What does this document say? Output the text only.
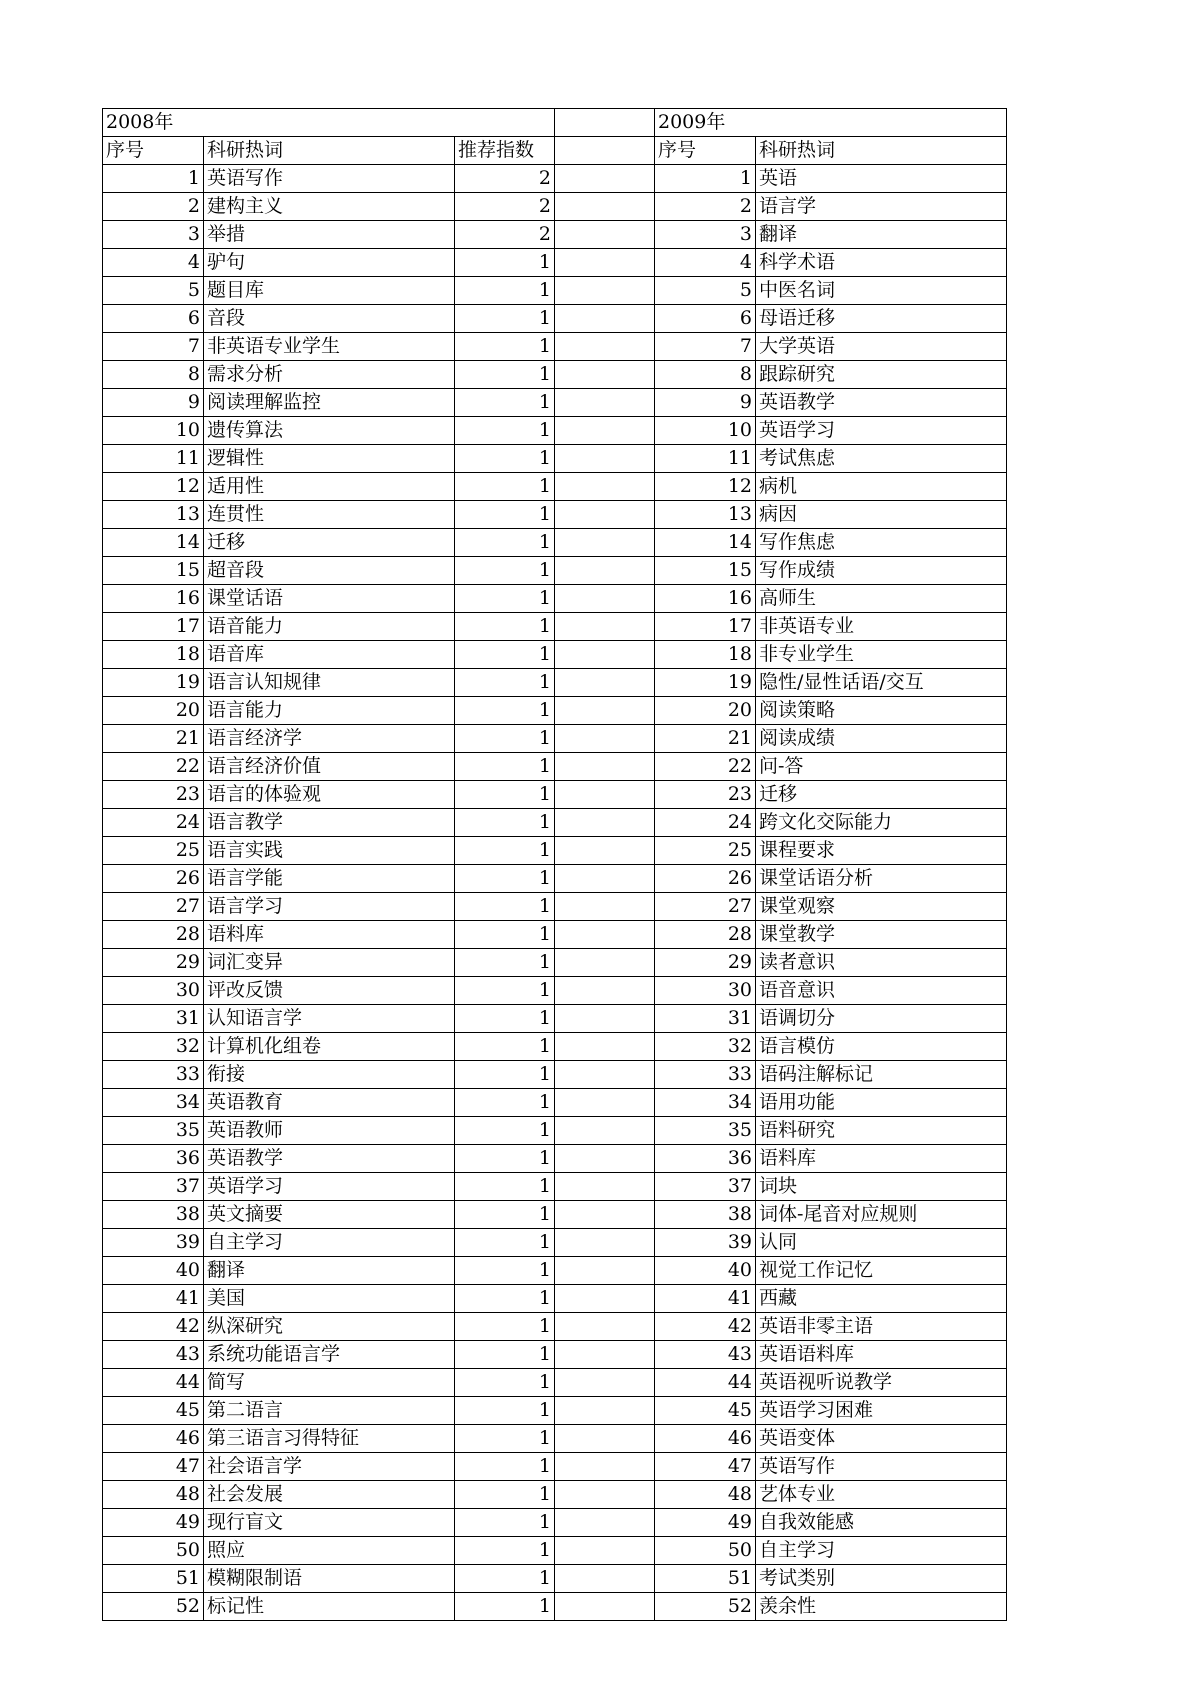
2008年				2009年	
序号	科研热词	推荐指数		序号	科研热词
1	英语写作	2		1	英语
2	建构主义	2		2	语言学
3	举措	2		3	翻译
4	驴句	1		4	科学术语
5	题目库	1		5	中医名词
6	音段	1		6	母语迁移
7	非英语专业学生	1		7	大学英语
8	需求分析	1		8	跟踪研究
9	阅读理解监控	1		9	英语教学
10	遗传算法	1		10	英语学习
11	逻辑性	1		11	考试焦虑
12	适用性	1		12	病机
13	连贯性	1		13	病因
14	迁移	1		14	写作焦虑
15	超音段	1		15	写作成绩
16	课堂话语	1		16	高师生
17	语音能力	1		17	非英语专业
18	语音库	1		18	非专业学生
19	语言认知规律	1		19	隐性/显性话语/交互
20	语言能力	1		20	阅读策略
21	语言经济学	1		21	阅读成绩
22	语言经济价值	1		22	问-答
23	语言的体验观	1		23	迁移
24	语言教学	1		24	跨文化交际能力
25	语言实践	1		25	课程要求
26	语言学能	1		26	课堂话语分析
27	语言学习	1		27	课堂观察
28	语料库	1		28	课堂教学
29	词汇变异	1		29	读者意识
30	评改反馈	1		30	语音意识
31	认知语言学	1		31	语调切分
32	计算机化组卷	1		32	语言模仿
33	衔接	1		33	语码注解标记
34	英语教育	1		34	语用功能
35	英语教师	1		35	语料研究
36	英语教学	1		36	语料库
37	英语学习	1		37	词块
38	英文摘要	1		38	词体-尾音对应规则
39	自主学习	1		39	认同
40	翻译	1		40	视觉工作记忆
41	美国	1		41	西藏
42	纵深研究	1		42	英语非零主语
43	系统功能语言学	1		43	英语语料库
44	简写	1		44	英语视听说教学
45	第二语言	1		45	英语学习困难
46	第三语言习得特征	1		46	英语变体
47	社会语言学	1		47	英语写作
48	社会发展	1		48	艺体专业
49	现行盲文	1		49	自我效能感
50	照应	1		50	自主学习
51	模糊限制语	1		51	考试类别
52	标记性	1		52	羡余性
